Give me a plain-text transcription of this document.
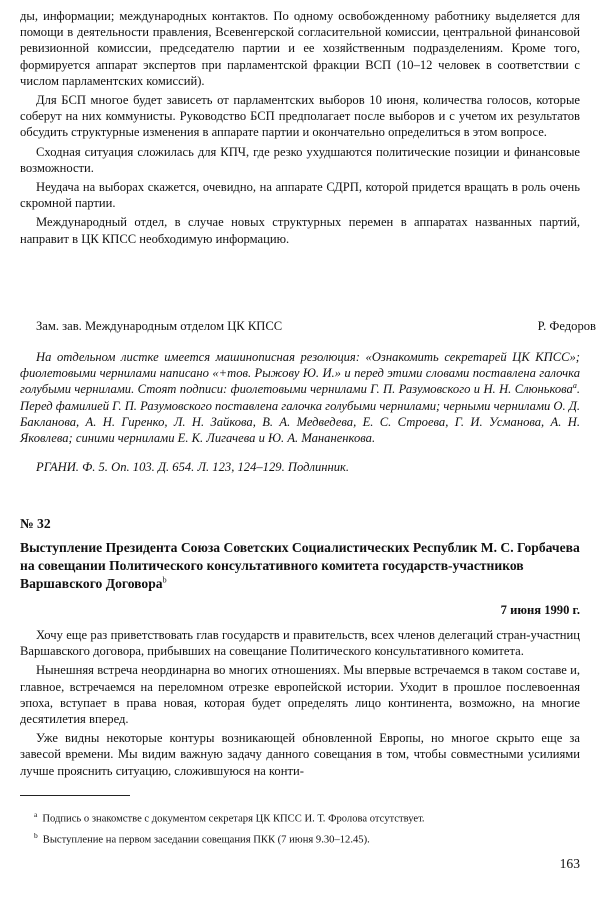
ды, информации; международных контактов. По одному освобожденному работнику выделяется для помощи в деятельности правления, Всевенгерской согласительной комиссии, центральной финансовой ревизионной комиссии, председателю партии и ее хозяйственным подразделениям. Кроме того, формируется аппарат экспертов при парламентской фракции ВСП (10–12 человек в соответствии с числом парламентских комиссий).

Для БСП многое будет зависеть от парламентских выборов 10 июня, количества голосов, которые соберут на них коммунисты. Руководство БСП предполагает после выборов и с учетом их результатов обсудить структурные изменения в аппарате партии и окончательно определиться в этом вопросе.

Сходная ситуация сложилась для КПЧ, где резко ухудшаются политические позиции и финансовые возможности.

Неудача на выборах скажется, очевидно, на аппарате СДРП, которой придется вращать в роль очень скромной партии.

Международный отдел, в случае новых структурных перемен в аппаратах названных партий, направит в ЦК КПСС необходимую информацию.

Зам. зав. Международным отделом ЦК КПСС	Р. Федоров

На отдельном листке имеется машинописная резолюция: «Ознакомить секретарей ЦК КПСС»; фиолетовыми чернилами написано «+тов. Рыжову Ю. И.» и перед этими словами поставлена галочка голубыми чернилами. Стоят подписи: фиолетовыми чернилами Г. П. Разумовского и Н. Н. Слюнькова$^a$. Перед фамилией Г. П. Разумовского поставлена галочка голубыми чернилами; черными чернилами О. Д. Бакланова, А. Н. Гиренко, Л. Н. Зайкова, В. А. Медведева, Е. С. Строева, Г. И. Усманова, А. Н. Яковлева; синими чернилами Е. К. Лигачева и Ю. А. Мананенкова.

РГАНИ. Ф. 5. Оп. 103. Д. 654. Л. 123, 124–129. Подлинник.

№ 32
Выступление Президента Союза Советских Социалистических Республик М. С. Горбачева на совещании Политического консультативного комитета государств-участников Варшавского Договора$^b$
7 июня 1990 г.

Хочу еще раз приветствовать глав государств и правительств, всех членов делегаций стран-участниц Варшавского договора, прибывших на совещание Политического консультативного комитета.

Нынешняя встреча неординарна во многих отношениях. Мы впервые встречаемся в таком составе и, главное, встречаемся на переломном отрезке европейской истории. Уходит в прошлое послевоенная эпоха, вступает в права новая, которая будет определять лицо континента, возможно, на многие десятилетия вперед.

Уже видны некоторые контуры возникающей обновленной Европы, но многое скрыто еще за завесой времени. Мы видим важную задачу данного совещания в том, чтобы совместными усилиями лучше прояснить ситуацию, сложившуюся на конти-

$^a$ Подпись о знакомстве с документом секретаря ЦК КПСС И. Т. Фролова отсутствует.
$^b$ Выступление на первом заседании совещания ПКК (7 июня 9.30–12.45).
163
